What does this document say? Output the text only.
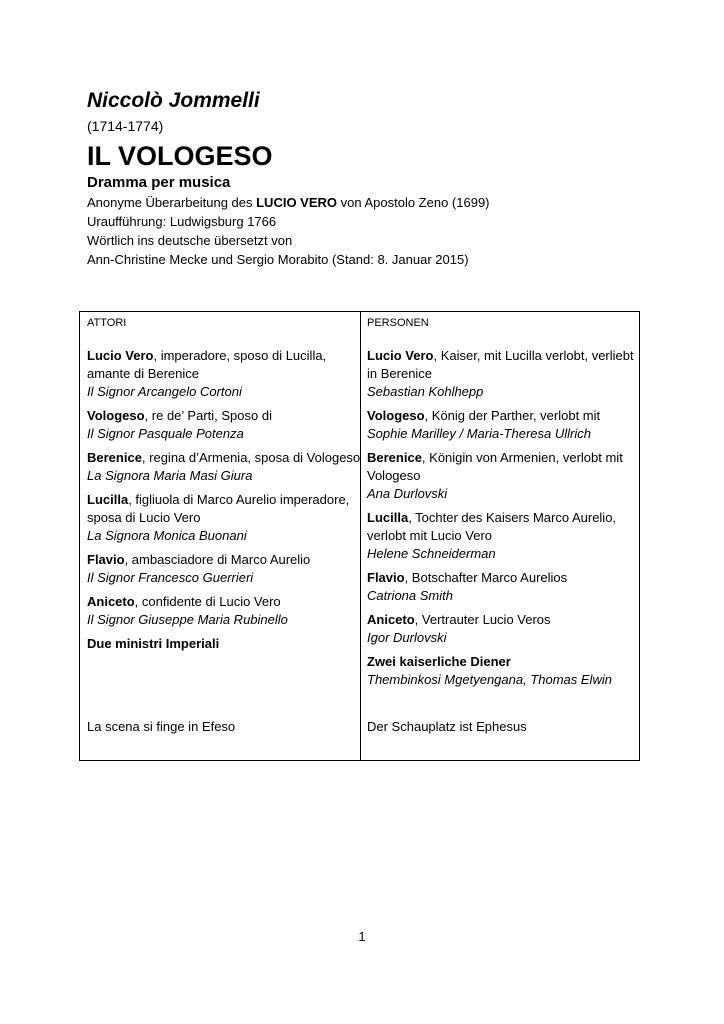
Niccolò Jommelli
(1714-1774)
IL VOLOGESO
Dramma per musica
Anonyme Überarbeitung des LUCIO VERO von Apostolo Zeno (1699)
Uraufführung: Ludwigsburg 1766
Wörtlich ins deutsche übersetzt von
Ann-Christine Mecke und Sergio Morabito (Stand: 8. Januar 2015)
ATTORI
Lucio Vero, imperadore, sposo di Lucilla, amante di Berenice
Il Signor Arcangelo Cortoni
Vologeso, re de’ Parti, Sposo di
Il Signor Pasquale Potenza
Berenice, regina d’Armenia, sposa di Vologeso
La Signora Maria Masi Giura
Lucilla, figliuola di Marco Aurelio imperadore, sposa di Lucio Vero
La Signora Monica Buonani
Flavio, ambasciadore di Marco Aurelio
Il Signor Francesco Guerrieri
Aniceto, confidente di Lucio Vero
Il Signor Giuseppe Maria Rubinello
Due ministri Imperiali
La scena si finge in Efeso
PERSONEN
Lucio Vero, Kaiser, mit Lucilla verlobt, verliebt in Berenice
Sebastian Kohlhepp
Vologeso, König der Parther, verlobt mit
Sophie Marilley / Maria-Theresa Ullrich
Berenice, Königin von Armenien, verlobt mit Vologeso
Ana Durlovski
Lucilla, Tochter des Kaisers Marco Aurelio, verlobt mit Lucio Vero
Helene Schneiderman
Flavio, Botschafter Marco Aurelios
Catriona Smith
Aniceto, Vertrauter Lucio Veros
Igor Durlovski
Zwei kaiserliche Diener
Thembinkosi Mgetyengana, Thomas Elwin
Der Schauplatz ist Ephesus
1
